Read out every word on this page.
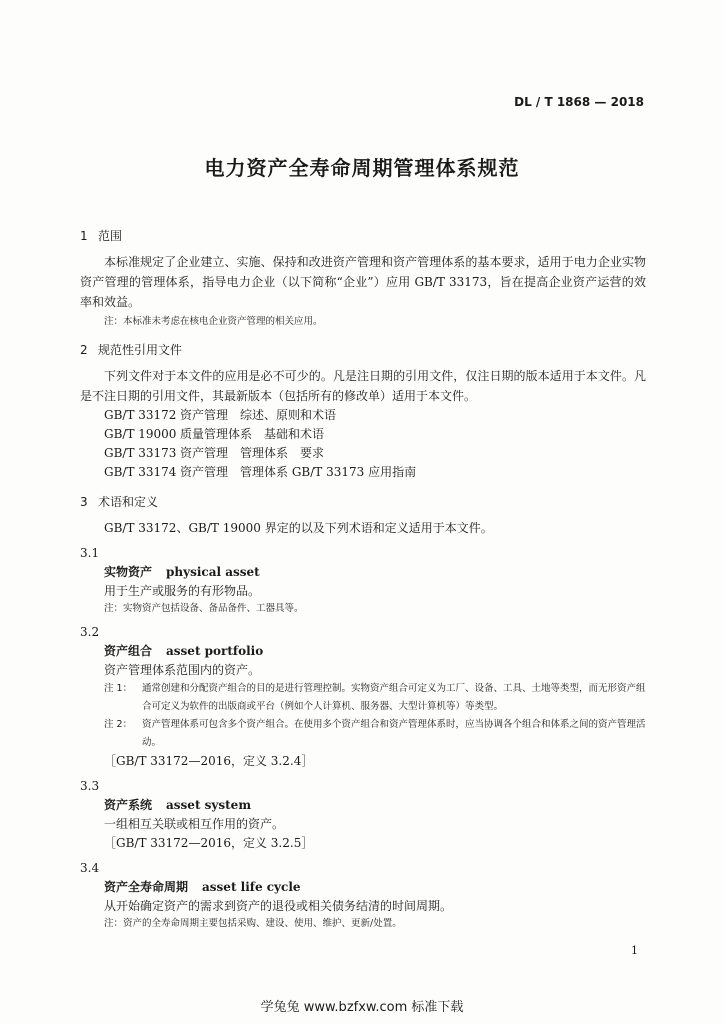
DL / T 1868 — 2018
电力资产全寿命周期管理体系规范
1 范围

本标准规定了企业建立、实施、保持和改进资产管理和资产管理体系的基本要求，适用于电力企业实物资产管理的管理体系，指导电力企业（以下简称“企业”）应用 GB/T 33173，旨在提高企业资产运营的效率和效益。

注：本标准未考虑在核电企业资产管理的相关应用。
2 规范性引用文件

下列文件对于本文件的应用是必不可少的。凡是注日期的引用文件，仅注日期的版本适用于本文件。凡是不注日期的引用文件，其最新版本（包括所有的修改单）适用于本文件。

GB/T 33172 资产管理　综述、原则和术语
GB/T 19000 质量管理体系　基础和术语
GB/T 33173 资产管理　管理体系　要求
GB/T 33174 资产管理　管理体系 GB/T 33173 应用指南
3 术语和定义

GB/T 33172、GB/T 19000 界定的以及下列术语和定义适用于本文件。

3.1

实物资产 physical asset

用于生产或服务的有形物品。

注：实物资产包括设备、备品备件、工器具等。

3.2

资产组合 asset portfolio

资产管理体系范围内的资产。

注 1：	通常创建和分配资产组合的目的是进行管理控制。实物资产组合可定义为工厂、设备、工具、土地等类型，而无形资产组合可定义为软件的出版商或平台（例如个人计算机、服务器、大型计算机等）等类型。
注 2：	资产管理体系可包含多个资产组合。在使用多个资产组合和资产管理体系时，应当协调各个组合和体系之间的资产管理活动。

［GB/T 33172—2016，定义 3.2.4］

3.3

资产系统 asset system

一组相互关联或相互作用的资产。

［GB/T 33172—2016，定义 3.2.5］

3.4

资产全寿命周期 asset life cycle

从开始确定资产的需求到资产的退役或相关债务结清的时间周期。

注：资产的全寿命周期主要包括采购、建设、使用、维护、更新/处置。
1
学兔兔 www.bzfxw.com 标准下载
